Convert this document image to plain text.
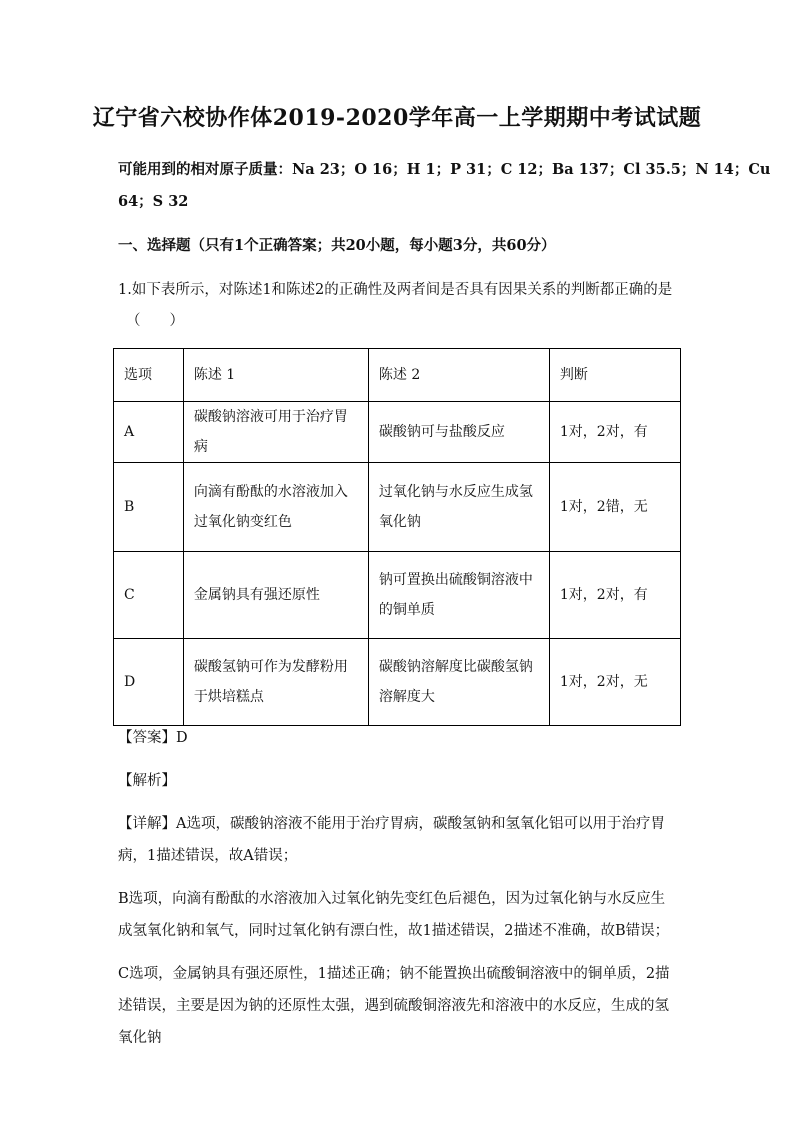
辽宁省六校协作体2019-2020学年高一上学期期中考试试题
可能用到的相对原子质量：Na 23；O 16；H 1；P 31；C 12；Ba 137；Cl 35.5；N 14；Cu
64；S 32
一、选择题（只有1个正确答案；共20小题，每小题3分，共60分）
1.如下表所示，对陈述1和陈述2的正确性及两者间是否具有因果关系的判断都正确的是
（　　）
选项	陈述 1	陈述 2	判断
A	碳酸钠溶液可用于治疗胃病	碳酸钠可与盐酸反应	1对，2对，有
B	向滴有酚酞的水溶液加入过氧化钠变红色	过氧化钠与水反应生成氢氧化钠	1对，2错，无
C	金属钠具有强还原性	钠可置换出硫酸铜溶液中的铜单质	1对，2对，有
D	碳酸氢钠可作为发酵粉用于烘培糕点	碳酸钠溶解度比碳酸氢钠溶解度大	1对，2对，无
【答案】D
【解析】
【详解】A选项，碳酸钠溶液不能用于治疗胃病，碳酸氢钠和氢氧化铝可以用于治疗胃病，1描述错误，故A错误；
B选项，向滴有酚酞的水溶液加入过氧化钠先变红色后褪色，因为过氧化钠与水反应生成氢氧化钠和氧气，同时过氧化钠有漂白性，故1描述错误，2描述不准确，故B错误；
C选项，金属钠具有强还原性，1描述正确；钠不能置换出硫酸铜溶液中的铜单质，2描述错误，主要是因为钠的还原性太强，遇到硫酸铜溶液先和溶液中的水反应，生成的氢氧化钠
